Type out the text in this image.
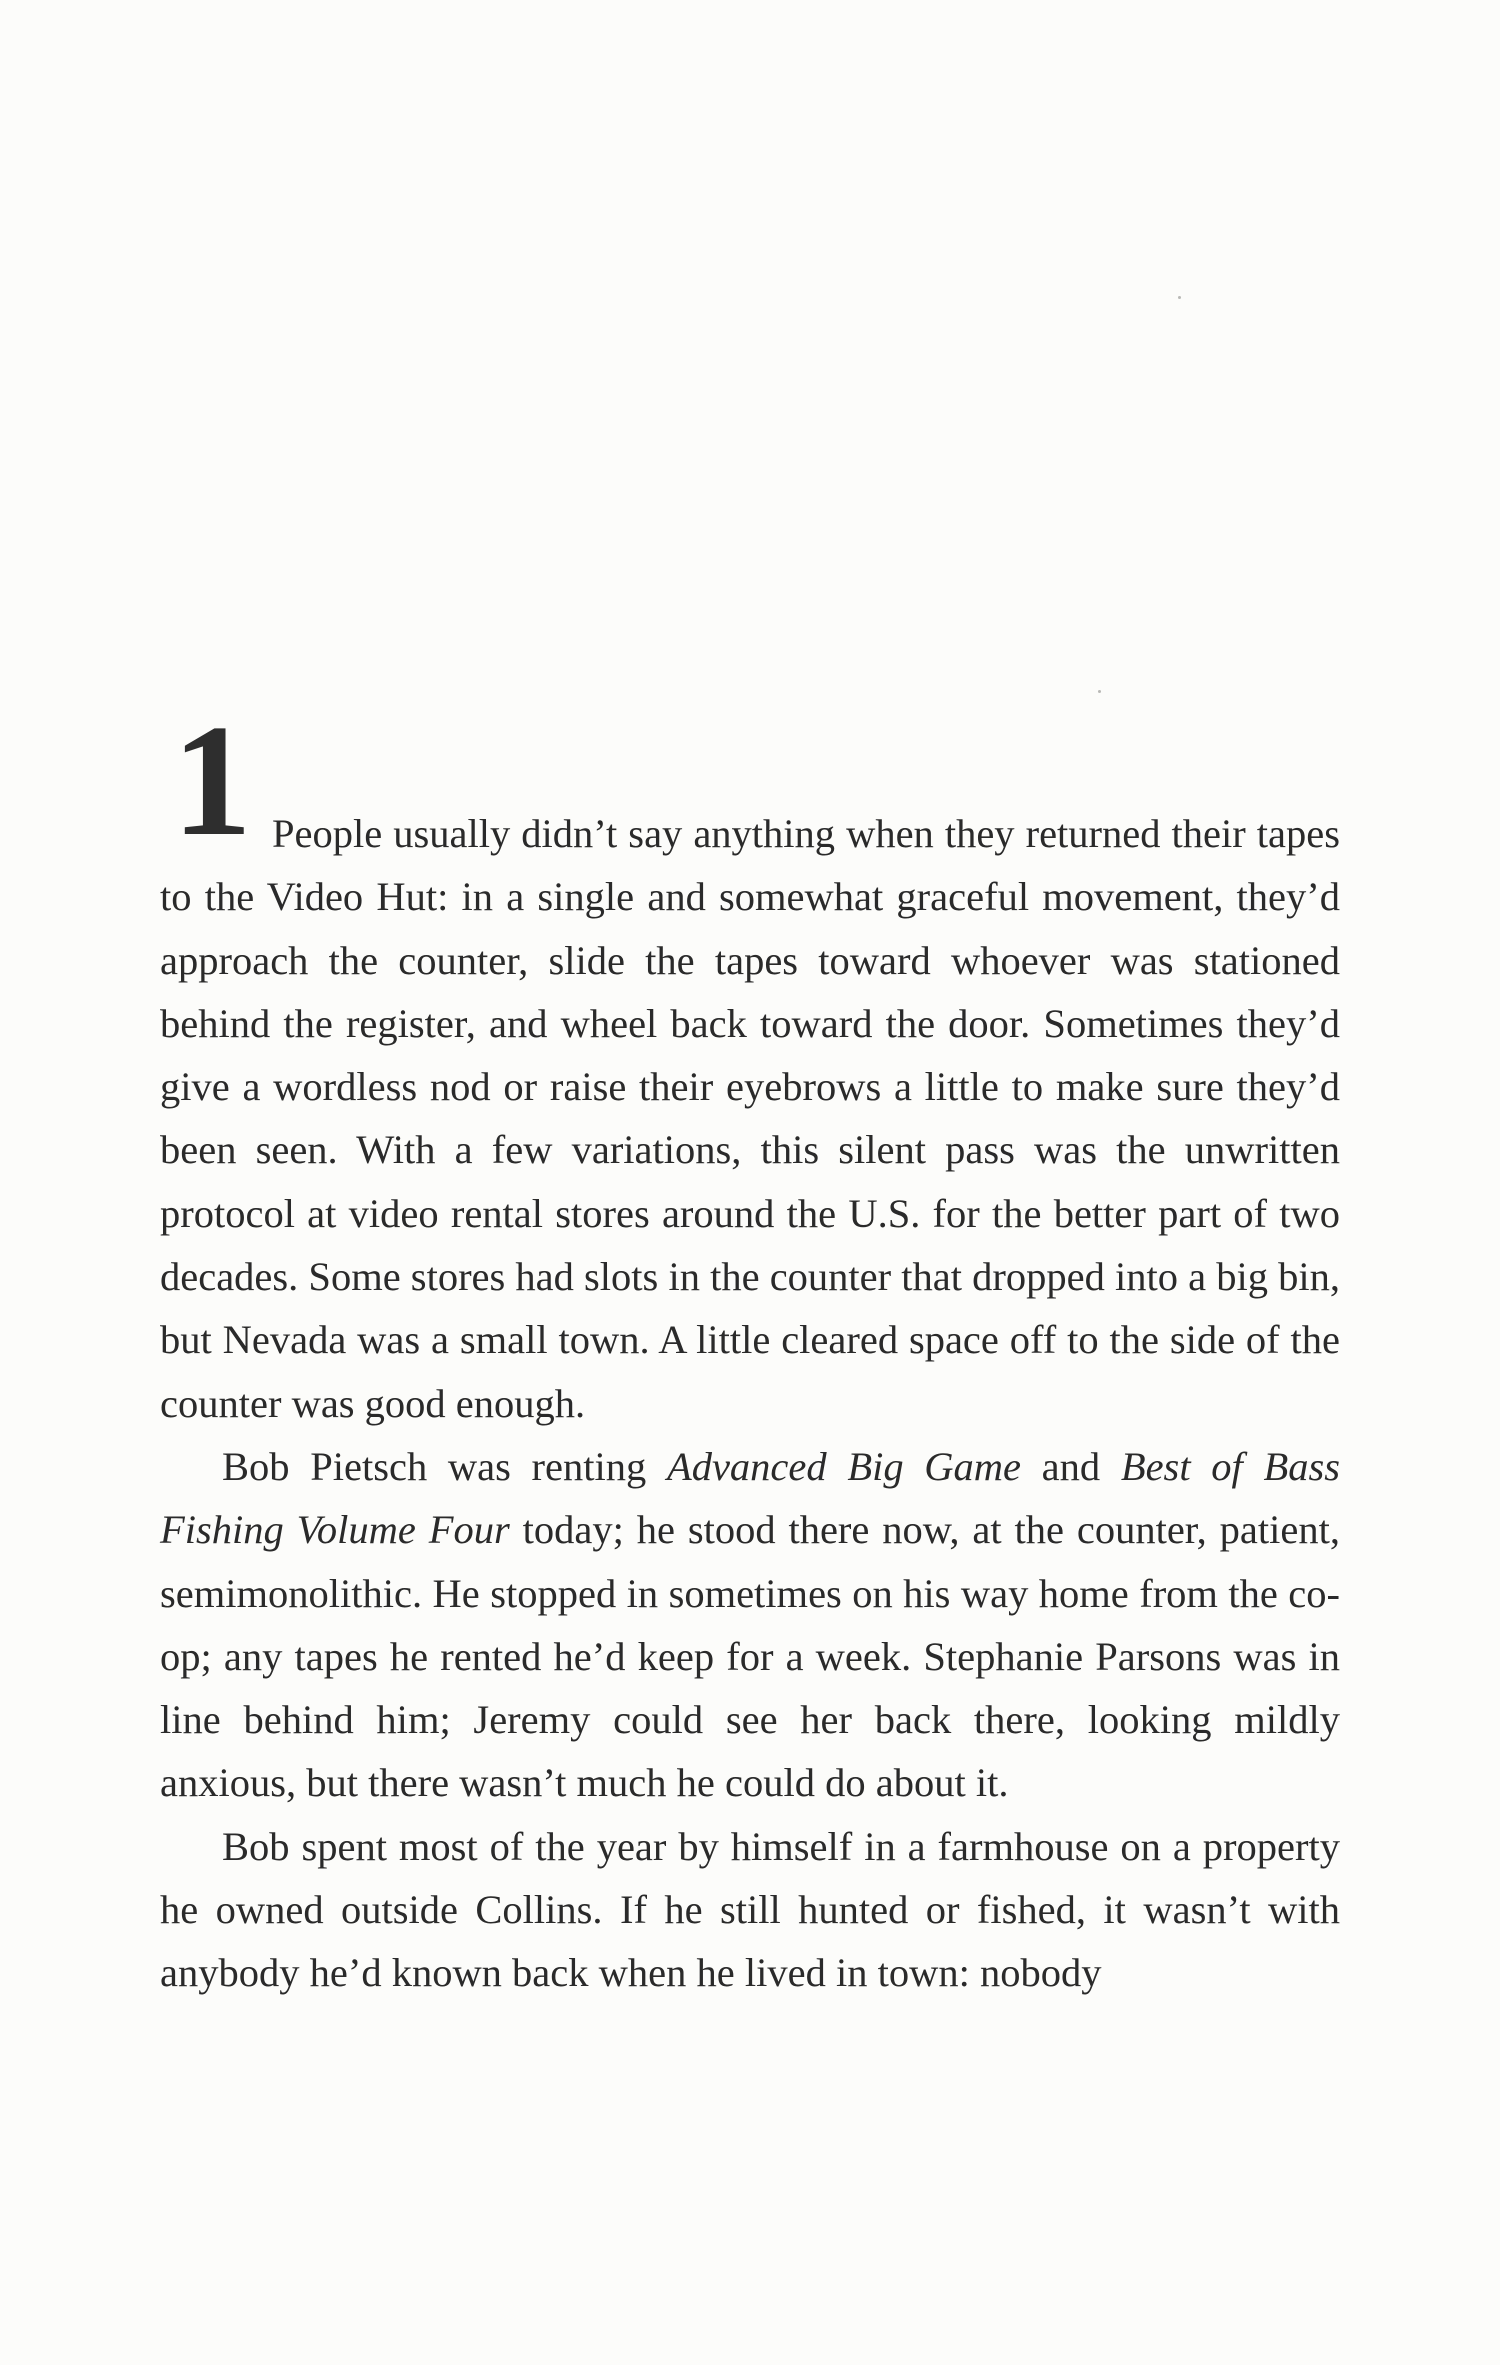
1 People usually didn’t say anything when they returned their tapes to the Video Hut: in a single and somewhat graceful movement, they’d approach the counter, slide the tapes toward whoever was stationed behind the register, and wheel back toward the door. Sometimes they’d give a wordless nod or raise their eyebrows a little to make sure they’d been seen. With a few variations, this silent pass was the unwritten protocol at video rental stores around the U.S. for the better part of two decades. Some stores had slots in the counter that dropped into a big bin, but Nevada was a small town. A little cleared space off to the side of the counter was good enough.

Bob Pietsch was renting Advanced Big Game and Best of Bass Fishing Volume Four today; he stood there now, at the counter, patient, semimonolithic. He stopped in sometimes on his way home from the co-op; any tapes he rented he’d keep for a week. Stephanie Parsons was in line behind him; Jeremy could see her back there, looking mildly anxious, but there wasn’t much he could do about it.

Bob spent most of the year by himself in a farmhouse on a property he owned outside Collins. If he still hunted or fished, it wasn’t with anybody he’d known back when he lived in town: nobody
